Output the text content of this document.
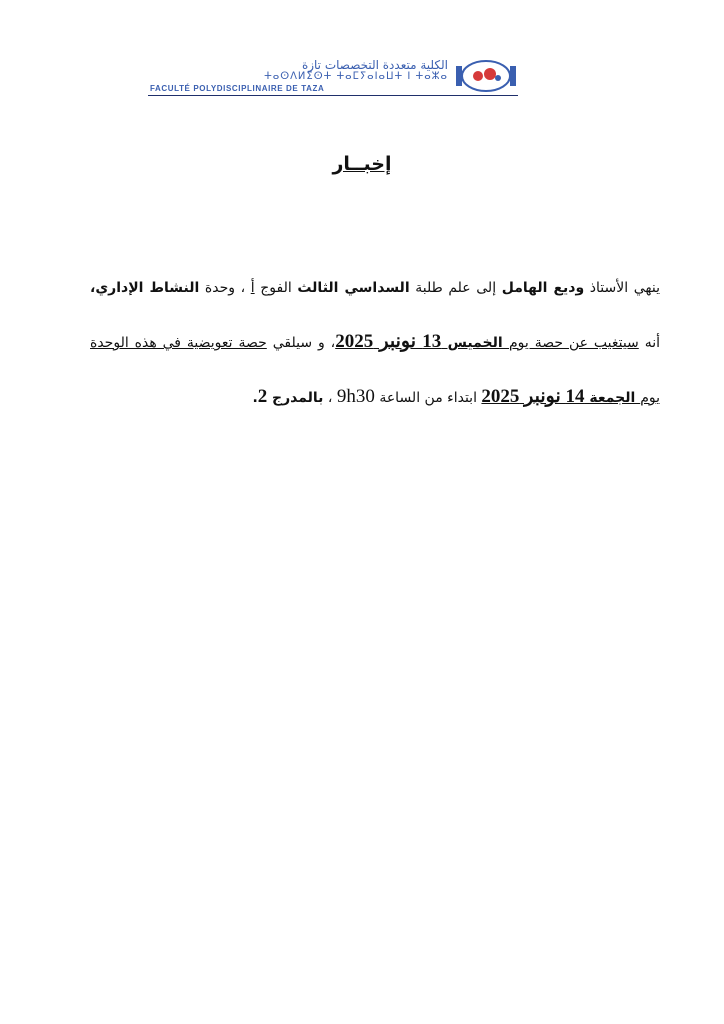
الكلية متعددة التخصصات تازة
ⵜⴰⵙⴷⵍⵉⵙⵜ ⵜⴰⵎⵢⴰⵏⴰⵡⵜ ⵏ ⵜⴰⵣⴰ
FACULTÉ POLYDISCIPLINAIRE DE TAZA
إخبــار
ينهي الأستاذ وديع الهامل إلى علم طلبة السداسي الثالث الفوج أ ، وحدة النشاط الإداري، أنه سيتغيب عن حصة يوم الخميس 13 نونبر 2025، و سيلقي حصة تعويضية في هذه الوحدة يوم الجمعة 14 نونبر 2025 ابتداء من الساعة 9h30 ، بالمدرج 2.
